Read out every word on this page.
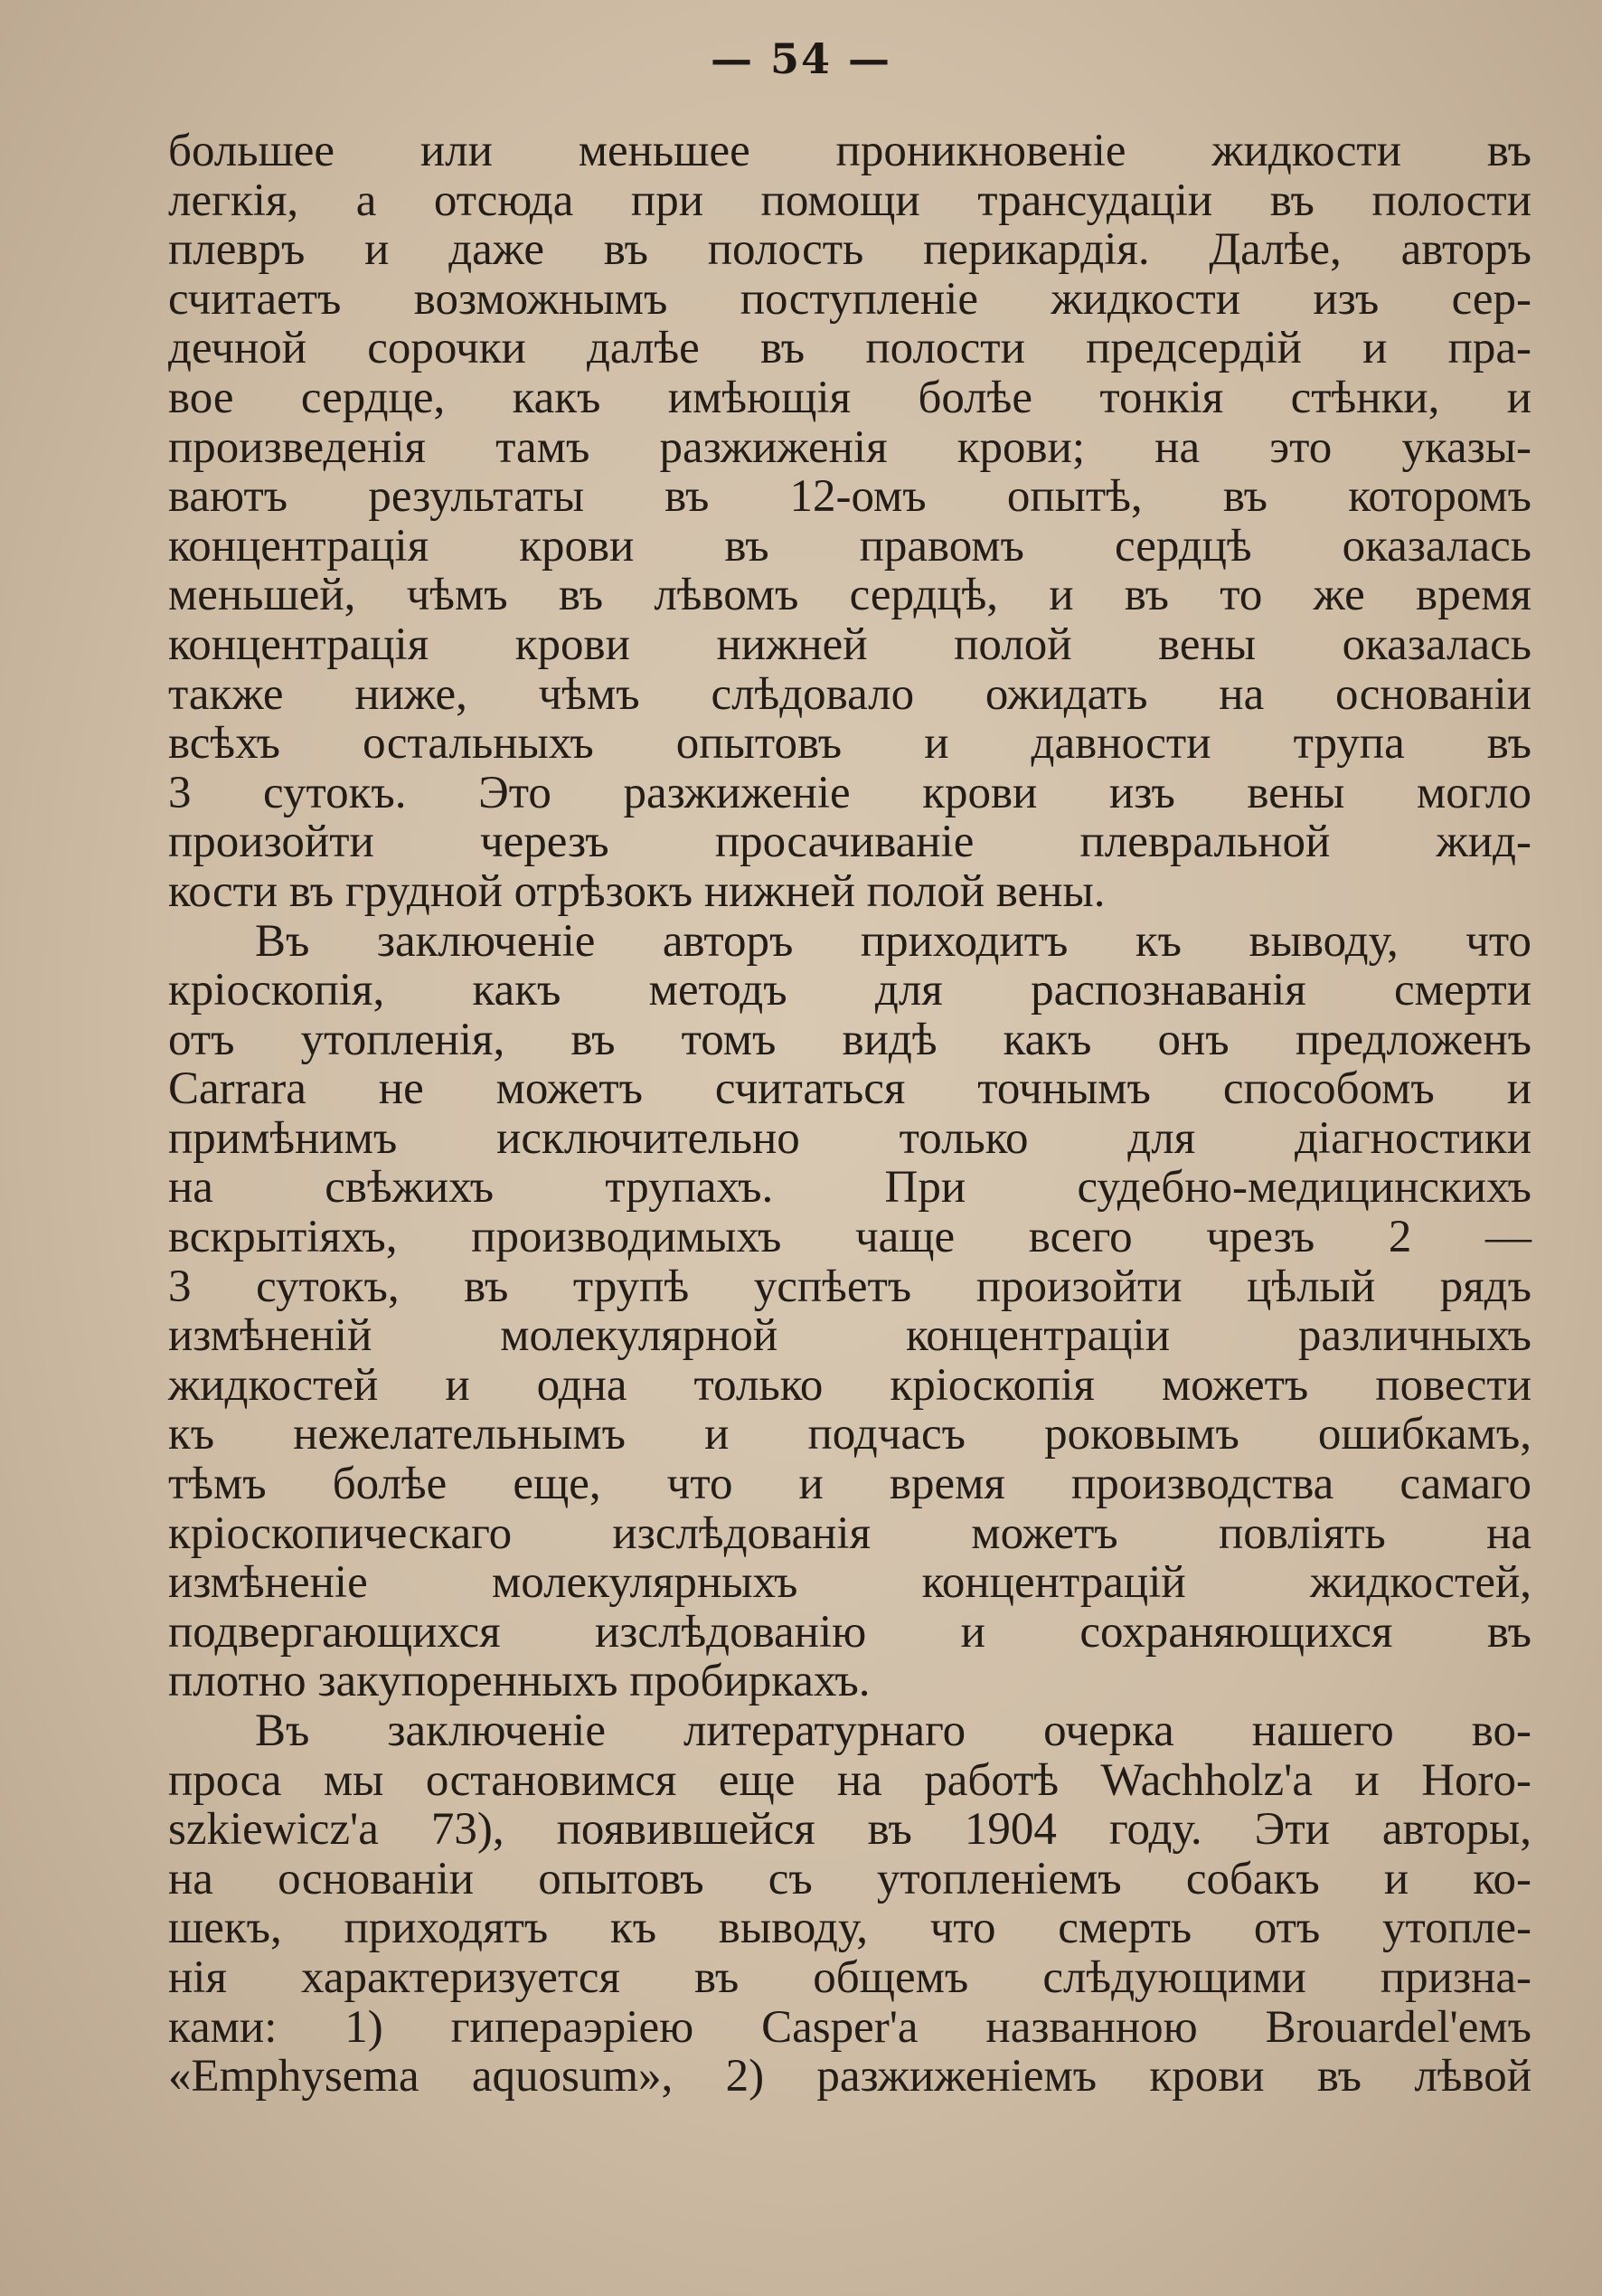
— 54 —
большее или меньшее проникновеніе жидкости въ
легкія, а отсюда при помощи трансудаціи въ полости
плевръ и даже въ полость перикардія. Далѣе, авторъ
считаетъ возможнымъ поступленіе жидкости изъ сер-
дечной сорочки далѣе въ полости предсердій и пра-
вое сердце, какъ имѣющія болѣе тонкія стѣнки, и
произведенія тамъ разжиженія крови; на это указы-
ваютъ результаты въ 12-омъ опытѣ, въ которомъ
концентрація крови въ правомъ сердцѣ оказалась
меньшей, чѣмъ въ лѣвомъ сердцѣ, и въ то же время
концентрація крови нижней полой вены оказалась
также ниже, чѣмъ слѣдовало ожидать на основаніи
всѣхъ остальныхъ опытовъ и давности трупа въ
3 сутокъ. Это разжиженіе крови изъ вены могло
произойти черезъ просачиваніе плевральной жид-
кости въ грудной отрѣзокъ нижней полой вены.
Въ заключеніе авторъ приходитъ къ выводу, что
кріоскопія, какъ методъ для распознаванія смерти
отъ утопленія, въ томъ видѣ какъ онъ предложенъ
Carrara не можетъ считаться точнымъ способомъ и
примѣнимъ исключительно только для діагностики
на свѣжихъ трупахъ. При судебно-медицинскихъ
вскрытіяхъ, производимыхъ чаще всего чрезъ 2 —
3 сутокъ, въ трупѣ успѣетъ произойти цѣлый рядъ
измѣненій молекулярной концентраціи различныхъ
жидкостей и одна только кріоскопія можетъ повести
къ нежелательнымъ и подчасъ роковымъ ошибкамъ,
тѣмъ болѣе еще, что и время производства самаго
кріоскопическаго изслѣдованія можетъ повліять на
измѣненіе молекулярныхъ концентрацій жидкостей,
подвергающихся изслѣдованію и сохраняющихся въ
плотно закупоренныхъ пробиркахъ.
Въ заключеніе литературнаго очерка нашего во-
проса мы остановимся еще на работѣ Wachholz'a и Horo-
szkiewicz'a 73), появившейся въ 1904 году. Эти авторы,
на основаніи опытовъ съ утопленіемъ собакъ и ко-
шекъ, приходятъ къ выводу, что смерть отъ утопле-
нія характеризуется въ общемъ слѣдующими призна-
ками: 1) гипераэріею Casper'a названною Brouardel'емъ
«Emphysema aquosum», 2) разжиженіемъ крови въ лѣвой
